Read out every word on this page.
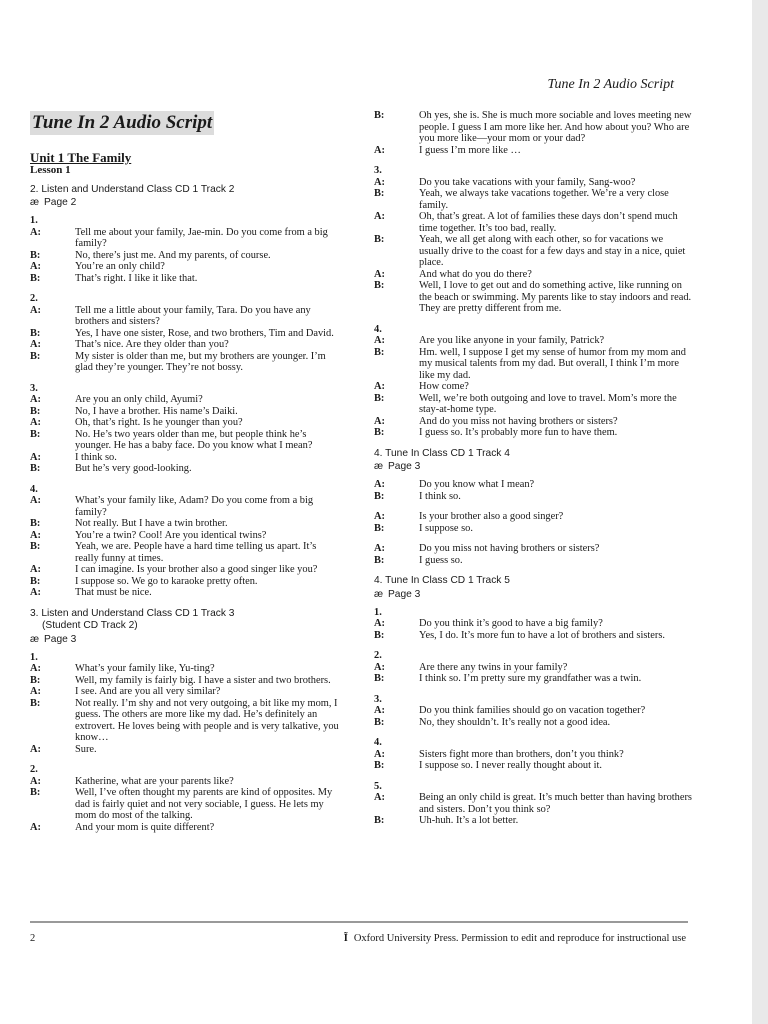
Tune In 2 Audio Script
Tune In 2 Audio Script

Unit 1 The Family

Lesson 1

2. Listen and Understand Class CD 1 Track 2
æ Page 2

1.

A:	Tell me about your family, Jae-min. Do you come from a big family?
B:	No, there’s just me. And my parents, of course.
A:	You’re an only child?
B:	That’s right. I like it like that.

2.

A:	Tell me a little about your family, Tara. Do you have any brothers and sisters?
B:	Yes, I have one sister, Rose, and two brothers, Tim and David.
A:	That’s nice. Are they older than you?
B:	My sister is older than me, but my brothers are younger. I’m glad they’re younger. They’re not bossy.

3.

A:	Are you an only child, Ayumi?
B:	No, I have a brother. His name’s Daiki.
A:	Oh, that’s right. Is he younger than you?
B:	No. He’s two years older than me, but people think he’s younger. He has a baby face. Do you know what I mean?
A:	I think so.
B:	But he’s very good-looking.

4.

A:	What’s your family like, Adam? Do you come from a big family?
B:	Not really. But I have a twin brother.
A:	You’re a twin? Cool! Are you identical twins?
B:	Yeah, we are. People have a hard time telling us apart. It’s really funny at times.
A:	I can imagine. Is your brother also a good singer like you?
B:	I suppose so. We go to karaoke pretty often.
A:	That must be nice.
3. Listen and Understand Class CD 1 Track 3
(Student CD Track 2)
æ Page 3

1.

A:	What’s your family like, Yu-ting?
B:	Well, my family is fairly big. I have a sister and two brothers.
A:	I see. And are you all very similar?
B:	Not really. I’m shy and not very outgoing, a bit like my mom, I guess. The others are more like my dad. He’s definitely an extrovert. He loves being with people and is very talkative, you know…
A:	Sure.

2.

A:	Katherine, what are your parents like?
B:	Well, I’ve often thought my parents are kind of opposites. My dad is fairly quiet and not very sociable, I guess. He lets my mom do most of the talking.
A:	And your mom is quite different?
B:	Oh yes, she is. She is much more sociable and loves meeting new people. I guess I am more like her. And how about you? Who are you more like—your mom or your dad?
A:	I guess I’m more like …

3.

A:	Do you take vacations with your family, Sang-woo?
B:	Yeah, we always take vacations together. We’re a very close family.
A:	Oh, that’s great. A lot of families these days don’t spend much time together. It’s too bad, really.
B:	Yeah, we all get along with each other, so for vacations we usually drive to the coast for a few days and stay in a nice, quiet place.
A:	And what do you do there?
B:	Well, I love to get out and do something active, like running on the beach or swimming. My parents like to stay indoors and read. They are pretty different from me.

4.

A:	Are you like anyone in your family, Patrick?
B:	Hm. well, I suppose I get my sense of humor from my mom and my musical talents from my dad. But overall, I think I’m more like my dad.
A:	How come?
B:	Well, we’re both outgoing and love to travel. Mom’s more the stay-at-home type.
A:	And do you miss not having brothers or sisters?
B:	I guess so. It’s probably more fun to have them.
4. Tune In Class CD 1 Track 4
æ Page 3
A:	Do you know what I mean?
B:	I think so.
A:	Is your brother also a good singer?
B:	I suppose so.
A:	Do you miss not having brothers or sisters?
B:	I guess so.
4. Tune In Class CD 1 Track 5
æ Page 3

1.

A:	Do you think it’s good to have a big family?
B:	Yes, I do. It’s more fun to have a lot of brothers and sisters.

2.

A:	Are there any twins in your family?
B:	I think so. I’m pretty sure my grandfather was a twin.

3.

A:	Do you think families should go on vacation together?
B:	No, they shouldn’t. It’s really not a good idea.

4.

A:	Sisters fight more than brothers, don’t you think?
B:	I suppose so. I never really thought about it.

5.

A:	Being an only child is great. It’s much better than having brothers and sisters. Don’t you think so?
B:	Uh-huh. It’s a lot better.
2	Ĩ Oxford University Press. Permission to edit and reproduce for instructional use
